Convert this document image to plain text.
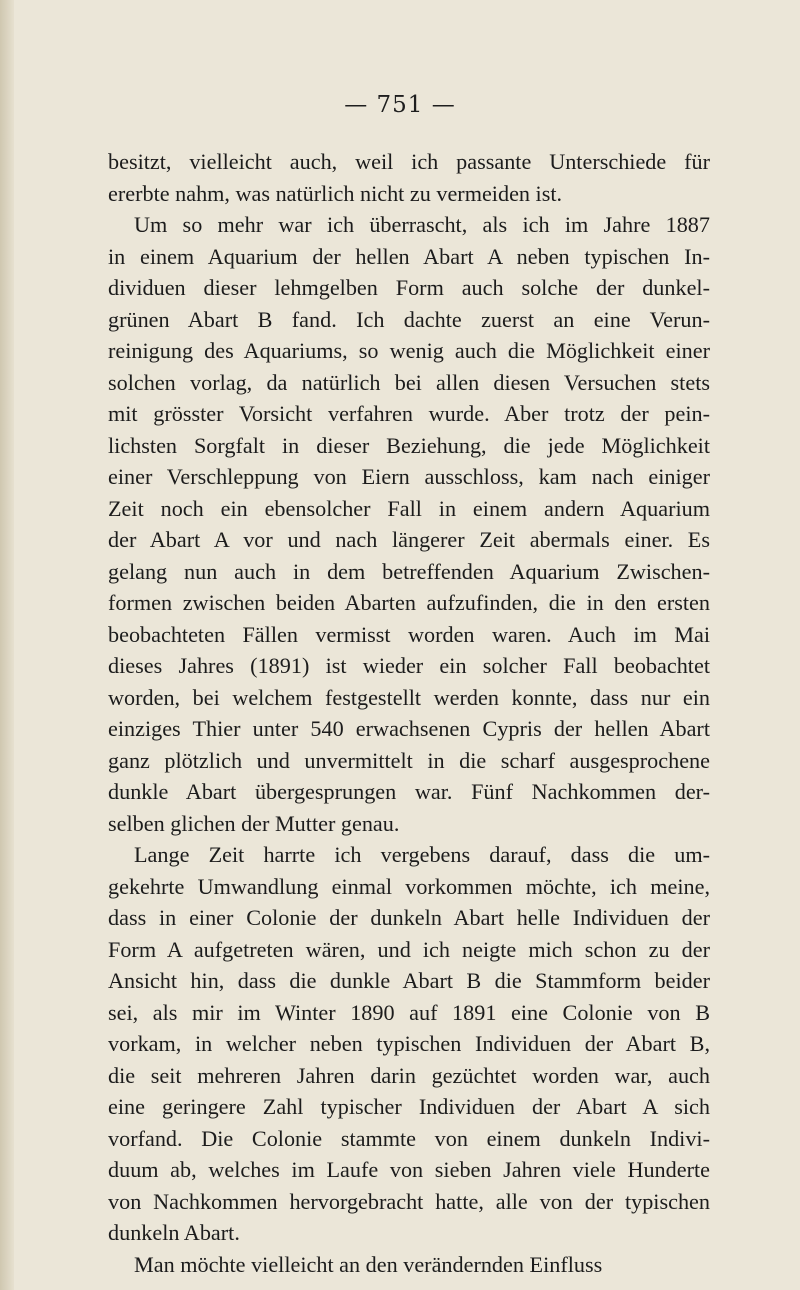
— 751 —
besitzt, vielleicht auch, weil ich passante Unterschiede für
ererbte nahm, was natürlich nicht zu vermeiden ist.
Um so mehr war ich überrascht, als ich im Jahre 1887
in einem Aquarium der hellen Abart A neben typischen In-
dividuen dieser lehmgelben Form auch solche der dunkel-
grünen Abart B fand. Ich dachte zuerst an eine Verun-
reinigung des Aquariums, so wenig auch die Möglichkeit einer
solchen vorlag, da natürlich bei allen diesen Versuchen stets
mit grösster Vorsicht verfahren wurde. Aber trotz der pein-
lichsten Sorgfalt in dieser Beziehung, die jede Möglichkeit
einer Verschleppung von Eiern ausschloss, kam nach einiger
Zeit noch ein ebensolcher Fall in einem andern Aquarium
der Abart A vor und nach längerer Zeit abermals einer. Es
gelang nun auch in dem betreffenden Aquarium Zwischen-
formen zwischen beiden Abarten aufzufinden, die in den ersten
beobachteten Fällen vermisst worden waren. Auch im Mai
dieses Jahres (1891) ist wieder ein solcher Fall beobachtet
worden, bei welchem festgestellt werden konnte, dass nur ein
einziges Thier unter 540 erwachsenen Cypris der hellen Abart
ganz plötzlich und unvermittelt in die scharf ausgesprochene
dunkle Abart übergesprungen war. Fünf Nachkommen der-
selben glichen der Mutter genau.
Lange Zeit harrte ich vergebens darauf, dass die um-
gekehrte Umwandlung einmal vorkommen möchte, ich meine,
dass in einer Colonie der dunkeln Abart helle Individuen der
Form A aufgetreten wären, und ich neigte mich schon zu der
Ansicht hin, dass die dunkle Abart B die Stammform beider
sei, als mir im Winter 1890 auf 1891 eine Colonie von B
vorkam, in welcher neben typischen Individuen der Abart B,
die seit mehreren Jahren darin gezüchtet worden war, auch
eine geringere Zahl typischer Individuen der Abart A sich
vorfand. Die Colonie stammte von einem dunkeln Indivi-
duum ab, welches im Laufe von sieben Jahren viele Hunderte
von Nachkommen hervorgebracht hatte, alle von der typischen
dunkeln Abart.
Man möchte vielleicht an den verändernden Einfluss
